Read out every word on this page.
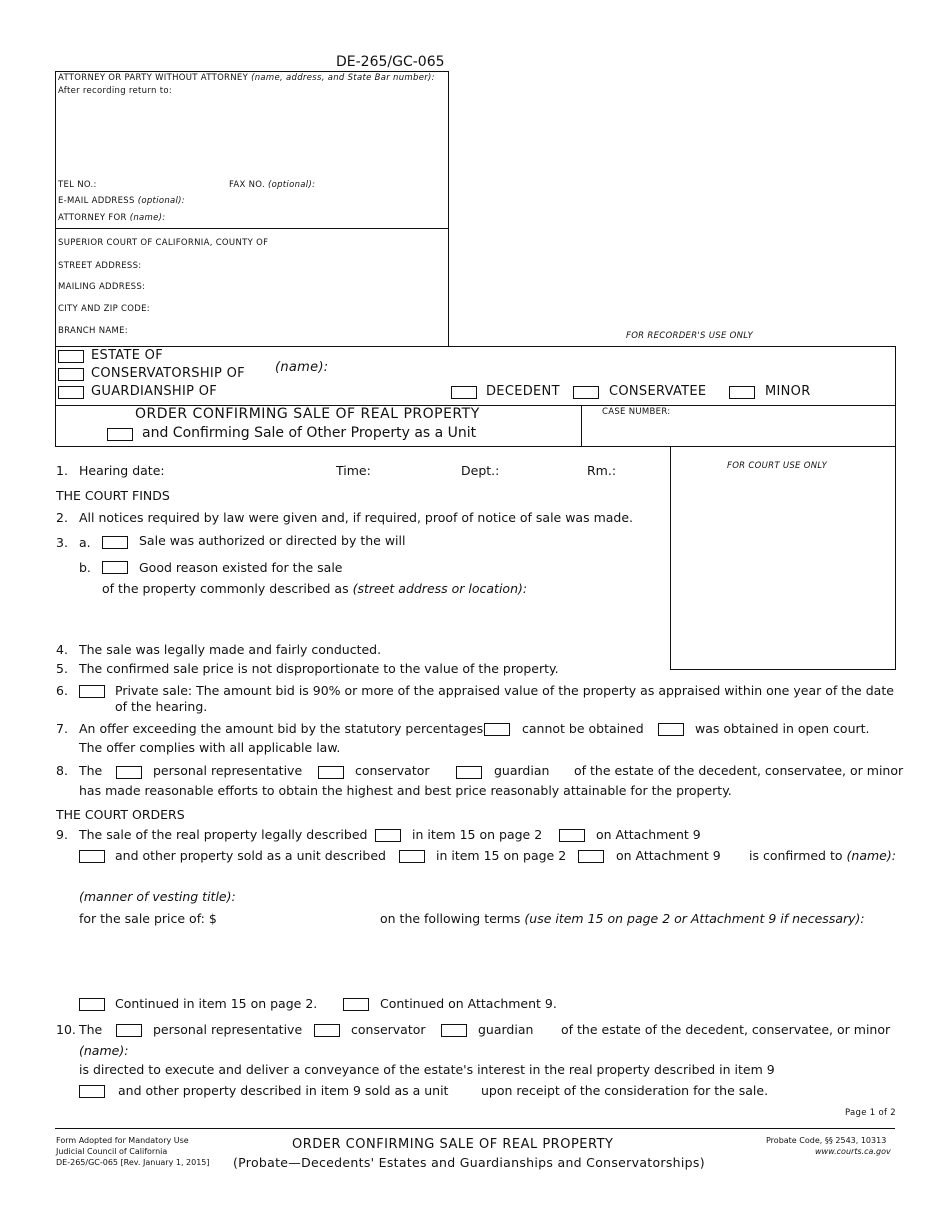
DE-265/GC-065
ATTORNEY OR PARTY WITHOUT ATTORNEY (name, address, and State Bar number):
After recording return to:
TEL NO.:	FAX NO. (optional):
E-MAIL ADDRESS (optional):
ATTORNEY FOR (name):
SUPERIOR COURT OF CALIFORNIA, COUNTY OF
STREET ADDRESS:
MAILING ADDRESS:
CITY AND ZIP CODE:
BRANCH NAME:	FOR RECORDER'S USE ONLY
ESTATE OF
CONSERVATORSHIP OF
GUARDIANSHIP OF
(name):
DECEDENT	CONSERVATEE	MINOR
ORDER CONFIRMING SALE OF REAL PROPERTY
and Confirming Sale of Other Property as a Unit
CASE NUMBER:
FOR COURT USE ONLY
1. Hearing date:	Time:	Dept.:	Rm.:
THE COURT FINDS
2. All notices required by law were given and, if required, proof of notice of sale was made.
3. a.	Sale was authorized or directed by the will
b.	Good reason existed for the sale
of the property commonly described as (street address or location):
4. The sale was legally made and fairly conducted.
5. The confirmed sale price is not disproportionate to the value of the property.
6.	Private sale: The amount bid is 90% or more of the appraised value of the property as appraised within one year of the date
of the hearing.
7. An offer exceeding the amount bid by the statutory percentages	cannot be obtained	was obtained in open court.
The offer complies with all applicable law.
8. The	personal representative	conservator	guardian of the estate of the decedent, conservatee, or minor
has made reasonable efforts to obtain the highest and best price reasonably attainable for the property.
THE COURT ORDERS
9. The sale of the real property legally described	in item 15 on page 2	on Attachment 9
and other property sold as a unit described	in item 15 on page 2	on Attachment 9 is confirmed to (name):
(manner of vesting title):
for the sale price of: $	on the following terms (use item 15 on page 2 or Attachment 9 if necessary):
Continued in item 15 on page 2.	Continued on Attachment 9.
10. The	personal representative	conservator	guardian of the estate of the decedent, conservatee, or minor
(name):
is directed to execute and deliver a conveyance of the estate's interest in the real property described in item 9
and other property described in item 9 sold as a unit	upon receipt of the consideration for the sale.
Page 1 of 2
Form Adopted for Mandatory Use
Judicial Council of California
DE-265/GC-065 [Rev. January 1, 2015]
ORDER CONFIRMING SALE OF REAL PROPERTY
(Probate—Decedents' Estates and Guardianships and Conservatorships)
Probate Code, §§ 2543, 10313
www.courts.ca.gov
